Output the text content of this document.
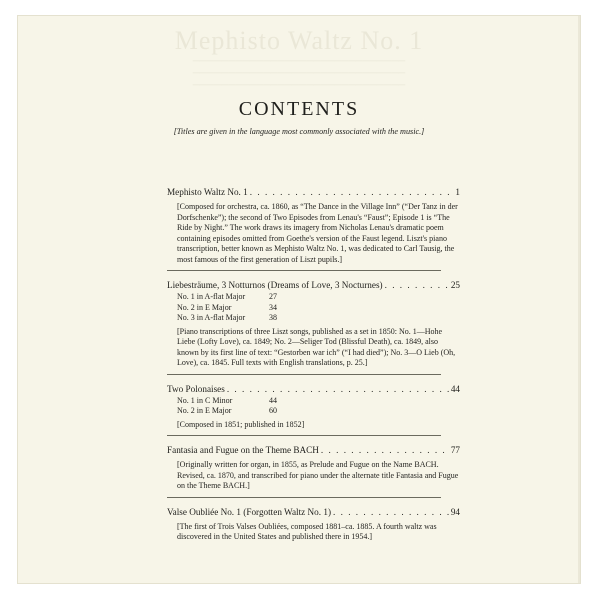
Mephisto Waltz No. 1
──────────────────────────────
──────────────────────────────
──────────────────────────────
CONTENTS
[Titles are given in the language most commonly associated with the music.]
Mephisto Waltz No. 1 . . .	1
[Composed for orchestra, ca. 1860, as “The Dance in the Village Inn” (“Der Tanz in der Dorfschenke”); the second of Two Episodes from Lenau's “Faust”; Episode 1 is “The Ride by Night.” The work draws its imagery from Nicholas Lenau's dramatic poem containing episodes omitted from Goethe's version of the Faust legend. Liszt's piano transcription, better known as Mephisto Waltz No. 1, was dedicated to Carl Tausig, the most famous of the first generation of Liszt pupils.]
Liebesträume, 3 Notturnos (Dreams of Love, 3 Nocturnes) . . .	25
No. 1 in A-flat Major	27
No. 2 in E Major	34
No. 3 in A-flat Major	38
[Piano transcriptions of three Liszt songs, published as a set in 1850: No. 1—Hohe Liebe (Lofty Love), ca. 1849; No. 2—Seliger Tod (Blissful Death), ca. 1849, also known by its first line of text: “Gestorben war ich” (“I had died”); No. 3—O Lieb (Oh, Love), ca. 1845. Full texts with English translations, p. 25.]
Two Polonaises . . .	44
No. 1 in C Minor	44
No. 2 in E Major	60
[Composed in 1851; published in 1852]
Fantasia and Fugue on the Theme BACH . . .	77
[Originally written for organ, in 1855, as Prelude and Fugue on the Name BACH. Revised, ca. 1870, and transcribed for piano under the alternate title Fantasia and Fugue on the Theme BACH.]
Valse Oubliée No. 1 (Forgotten Waltz No. 1) . . .	94
[The first of Trois Valses Oubliées, composed 1881–ca. 1885. A fourth waltz was discovered in the United States and published there in 1954.]
